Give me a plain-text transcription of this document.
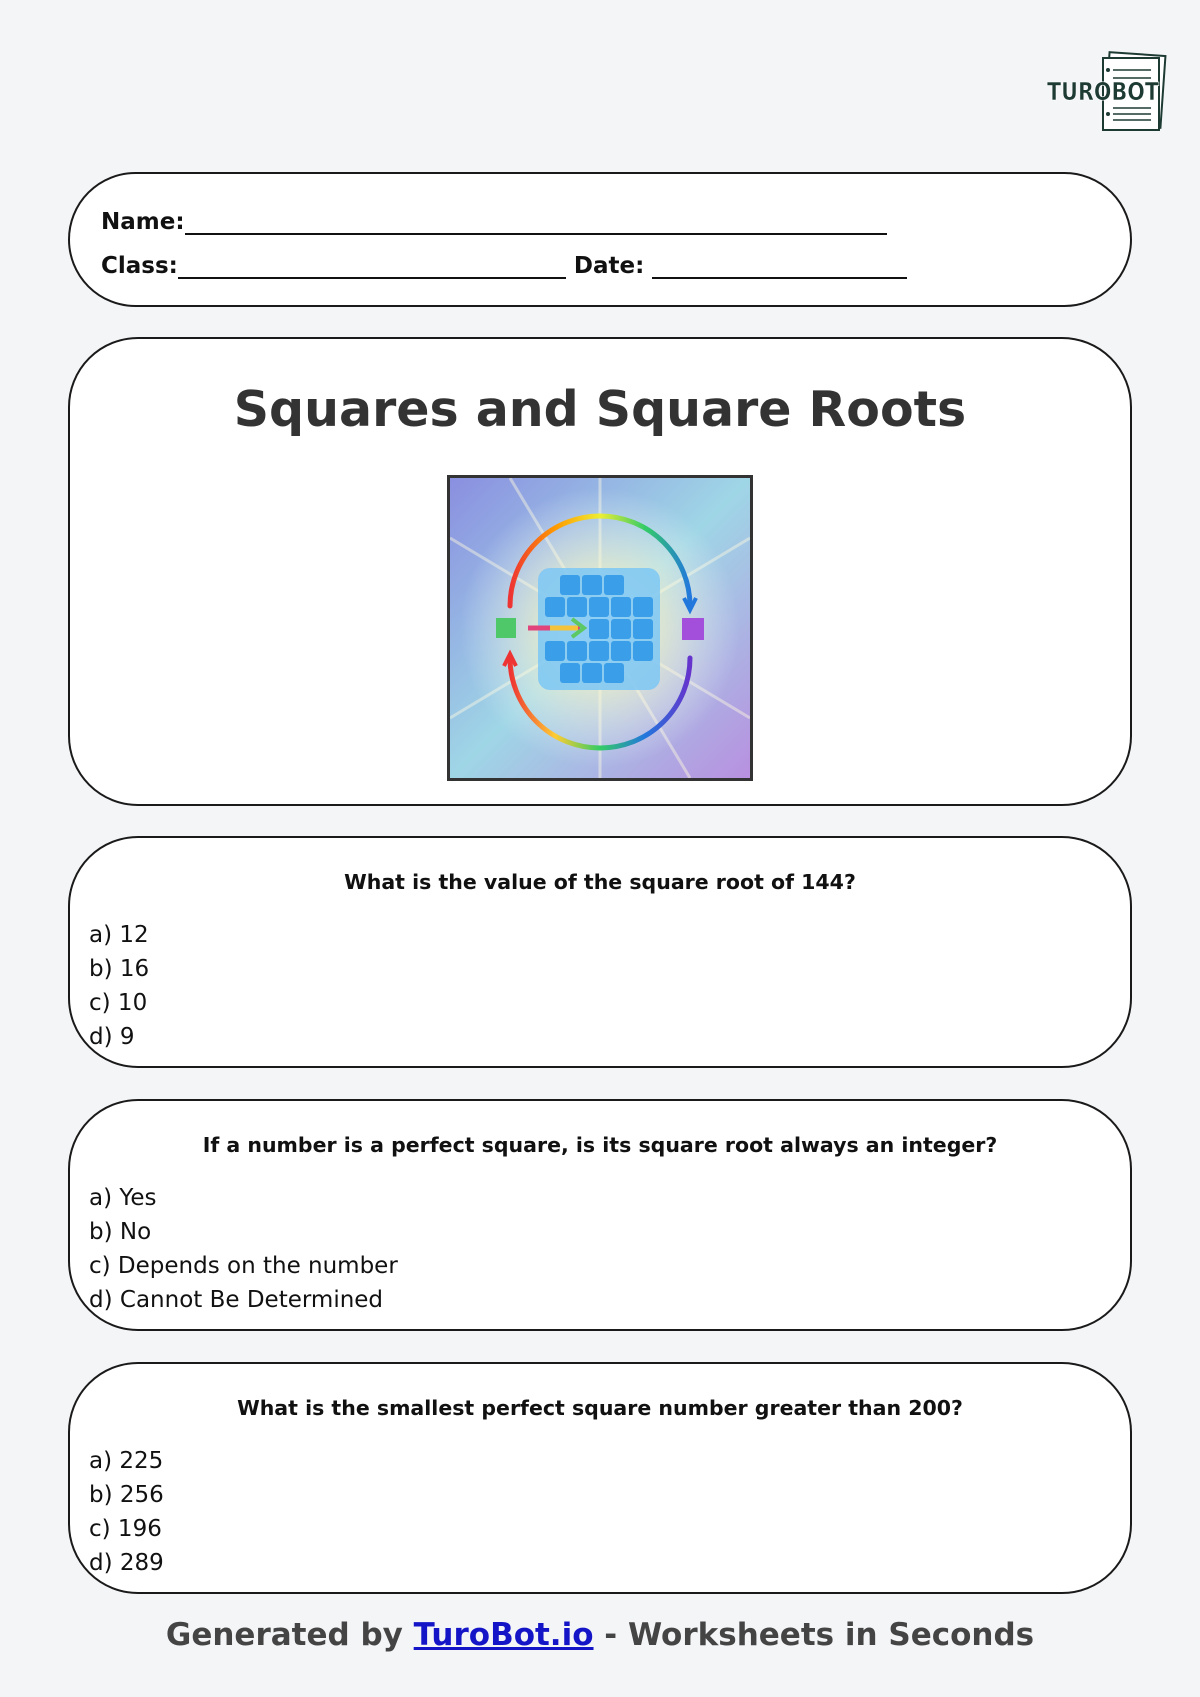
TUROBOT
Name:
Class:	Date:
Squares and Square Roots
What is the value of the square root of 144?
a) 12
b) 16
c) 10
d) 9
If a number is a perfect square, is its square root always an integer?
a) Yes
b) No
c) Depends on the number
d) Cannot Be Determined
What is the smallest perfect square number greater than 200?
a) 225
b) 256
c) 196
d) 289
Generated by TuroBot.io - Worksheets in Seconds
